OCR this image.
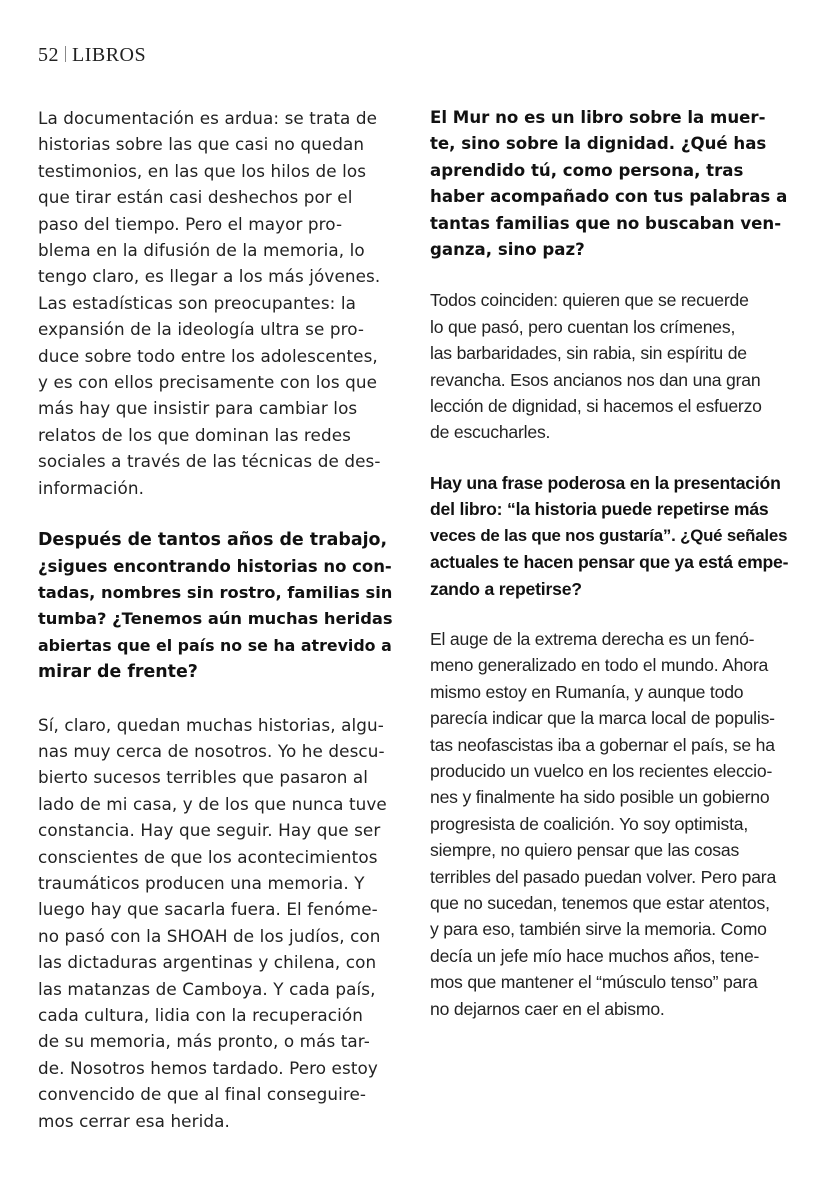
52 LIBROS
La documentación es ardua: se trata de
historias sobre las que casi no quedan
testimonios, en las que los hilos de los
que tirar están casi deshechos por el
paso del tiempo. Pero el mayor pro-
blema en la difusión de la memoria, lo
tengo claro, es llegar a los más jóvenes.
Las estadísticas son preocupantes: la
expansión de la ideología ultra se pro-
duce sobre todo entre los adolescentes,
y es con ellos precisamente con los que
más hay que insistir para cambiar los
relatos de los que dominan las redes
sociales a través de las técnicas de des-
información.
Después de tantos años de trabajo,
¿sigues encontrando historias no con-
tadas, nombres sin rostro, familias sin
tumba? ¿Tenemos aún muchas heridas
abiertas que el país no se ha atrevido a
mirar de frente?
Sí, claro, quedan muchas historias, algu-
nas muy cerca de nosotros. Yo he descu-
bierto sucesos terribles que pasaron al
lado de mi casa, y de los que nunca tuve
constancia. Hay que seguir. Hay que ser
conscientes de que los acontecimientos
traumáticos producen una memoria. Y
luego hay que sacarla fuera. El fenóme-
no pasó con la SHOAH de los judíos, con
las dictaduras argentinas y chilena, con
las matanzas de Camboya. Y cada país,
cada cultura, lidia con la recuperación
de su memoria, más pronto, o más tar-
de. Nosotros hemos tardado. Pero estoy
convencido de que al final conseguire-
mos cerrar esa herida.
El Mur no es un libro sobre la muer-
te, sino sobre la dignidad. ¿Qué has
aprendido tú, como persona, tras
haber acompañado con tus palabras a
tantas familias que no buscaban ven-
ganza, sino paz?
Todos coinciden: quieren que se recuerde
lo que pasó, pero cuentan los crímenes,
las barbaridades, sin rabia, sin espíritu de
revancha. Esos ancianos nos dan una gran
lección de dignidad, si hacemos el esfuerzo
de escucharles.
Hay una frase poderosa en la presentación
del libro: “la historia puede repetirse más
veces de las que nos gustaría”. ¿Qué señales
actuales te hacen pensar que ya está empe-
zando a repetirse?
El auge de la extrema derecha es un fenó-
meno generalizado en todo el mundo. Ahora
mismo estoy en Rumanía, y aunque todo
parecía indicar que la marca local de populis-
tas neofascistas iba a gobernar el país, se ha
producido un vuelco en los recientes eleccio-
nes y finalmente ha sido posible un gobierno
progresista de coalición. Yo soy optimista,
siempre, no quiero pensar que las cosas
terribles del pasado puedan volver. Pero para
que no sucedan, tenemos que estar atentos,
y para eso, también sirve la memoria. Como
decía un jefe mío hace muchos años, tene-
mos que mantener el “músculo tenso” para
no dejarnos caer en el abismo.
